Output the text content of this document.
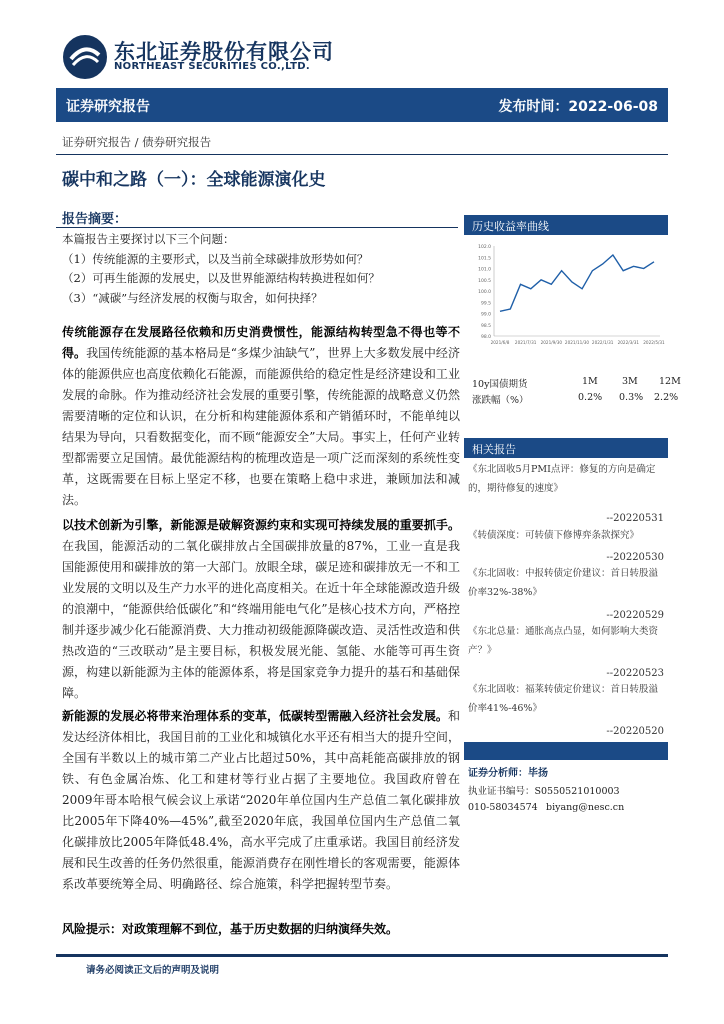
东北证券股份有限公司
NORTHEAST SECURITIES CO.,LTD.
证券研究报告	发布时间：2022-06-08
证券研究报告 / 债券研究报告
碳中和之路（一）：全球能源演化史
报告摘要：
本篇报告主要探讨以下三个问题：
（1）传统能源的主要形式，以及当前全球碳排放形势如何？
（2）可再生能源的发展史，以及世界能源结构转换进程如何？
（3）“减碳”与经济发展的权衡与取舍，如何抉择？
传统能源存在发展路径依赖和历史消费惯性，能源结构转型急不得也等不得。我国传统能源的基本格局是“多煤少油缺气”，世界上大多数发展中经济体的能源供应也高度依赖化石能源，而能源供给的稳定性是经济建设和工业发展的命脉。作为推动经济社会发展的重要引擎，传统能源的战略意义仍然需要清晰的定位和认识，在分析和构建能源体系和产销循环时，不能单纯以结果为导向，只看数据变化，而不顾“能源安全”大局。事实上，任何产业转型都需要立足国情。最优能源结构的梳理改造是一项广泛而深刻的系统性变革，这既需要在目标上坚定不移，也要在策略上稳中求进，兼顾加法和减法。
以技术创新为引擎，新能源是破解资源约束和实现可持续发展的重要抓手。在我国，能源活动的二氧化碳排放占全国碳排放量的87%，工业一直是我国能源使用和碳排放的第一大部门。放眼全球，碳足迹和碳排放无一不和工业发展的文明以及生产力水平的进化高度相关。在近十年全球能源改造升级的浪潮中，“能源供给低碳化”和“终端用能电气化”是核心技术方向，严格控制并逐步减少化石能源消费、大力推动初级能源降碳改造、灵活性改造和供热改造的“三改联动”是主要目标，积极发展光能、氢能、水能等可再生资源，构建以新能源为主体的能源体系，将是国家竞争力提升的基石和基础保障。
新能源的发展必将带来治理体系的变革，低碳转型需融入经济社会发展。和发达经济体相比，我国目前的工业化和城镇化水平还有相当大的提升空间，全国有半数以上的城市第二产业占比超过50%，其中高耗能高碳排放的钢铁、有色金属冶炼、化工和建材等行业占据了主要地位。我国政府曾在2009年哥本哈根气候会议上承诺“2020年单位国内生产总值二氧化碳排放比2005年下降40%—45%”,截至2020年底，我国单位国内生产总值二氧化碳排放比2005年降低48.4%，高水平完成了庄重承诺。我国目前经济发展和民生改善的任务仍然很重，能源消费存在刚性增长的客观需要，能源体系改革要统筹全局、明确路径、综合施策，科学把握转型节奏。
风险提示：对政策理解不到位，基于历史数据的归纳演绎失效。
历史收益率曲线
102.0
101.5
101.0
100.5
100.0
99.5
99.0
98.5
98.0
2021/6/8 2021/7/31 2021/9/30 2021/11/30 2022/1/31 2022/3/31 2022/5/31
10y国债期货	1M	3M 12M
涨跌幅（%）	0.2% 0.3% 2.2%
相关报告
《东北固收5月PMI点评：修复的方向是确定的，期待修复的速度》
--20220531
《转债深度：可转债下修博弈条款探究》
--20220530
《东北固收：中报转债定价建议：首日转股溢价率32%-38%》
--20220529
《东北总量：通胀高点凸显，如何影响大类资产？》
--20220523
《东北固收：福莱转债定价建议：首日转股溢价率41%-46%》
--20220520
证券分析师：毕扬
执业证书编号：S0550521010003
010-58034574 biyang@nesc.cn
请务必阅读正文后的声明及说明
